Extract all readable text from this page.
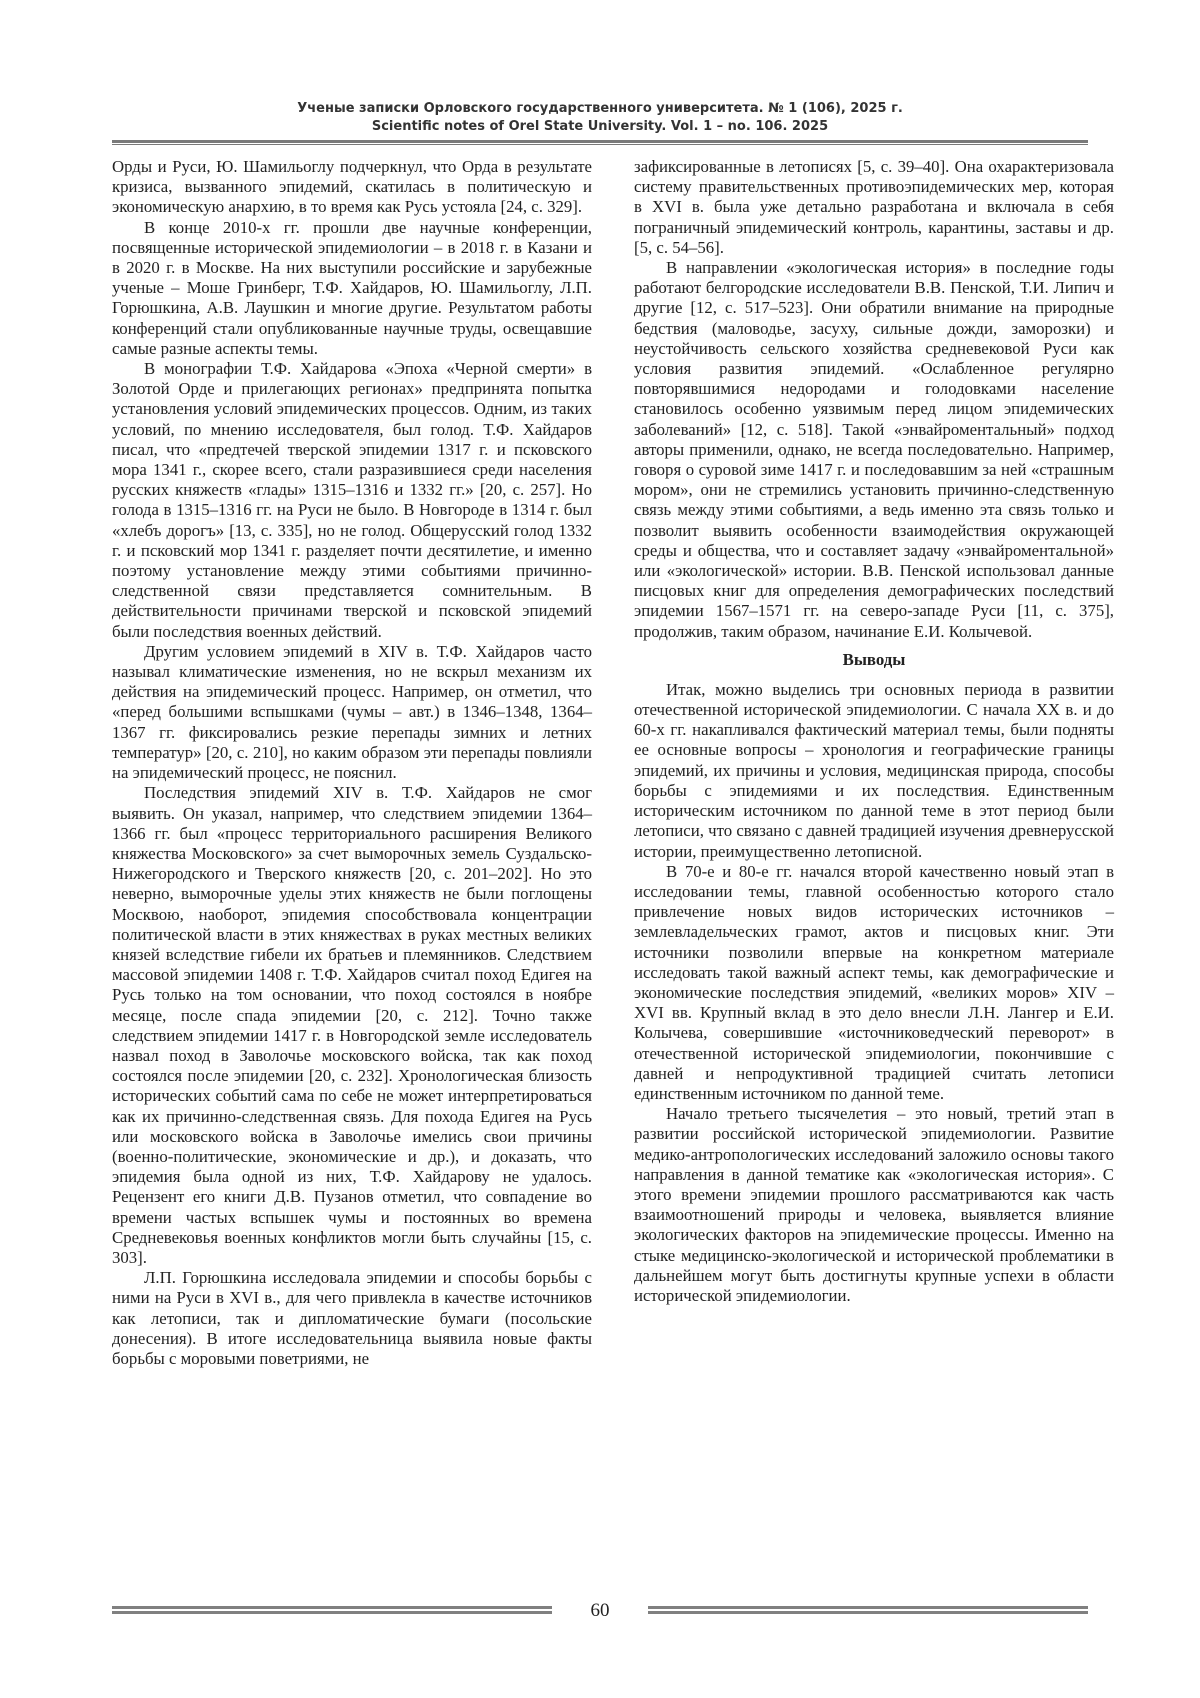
Ученые записки Орловского государственного университета. № 1 (106), 2025 г.
Scientific notes of Orel State University. Vol. 1 – no. 106. 2025

Орды и Руси, Ю. Шамильоглу подчеркнул, что Орда в результате кризиса, вызванного эпидемий, скатилась в политическую и экономическую анархию, в то время как Русь устояла [24, с. 329].

В конце 2010-х гг. прошли две научные конференции, посвященные исторической эпидемиологии – в 2018 г. в Казани и в 2020 г. в Москве. На них выступили российские и зарубежные ученые – Моше Гринберг, Т.Ф. Хайдаров, Ю. Шамильоглу, Л.П. Горюшкина, А.В. Лаушкин и многие другие. Результатом работы конференций стали опубликованные научные труды, освещавшие самые разные аспекты темы.

В монографии Т.Ф. Хайдарова «Эпоха «Черной смерти» в Золотой Орде и прилегающих регионах» предпринята попытка установления условий эпидемических процессов. Одним, из таких условий, по мнению исследователя, был голод. Т.Ф. Хайдаров писал, что «предтечей тверской эпидемии 1317 г. и псковского мора 1341 г., скорее всего, стали разразившиеся среди населения русских княжеств «глады» 1315–1316 и 1332 гг.» [20, с. 257]. Но голода в 1315–1316 гг. на Руси не было. В Новгороде в 1314 г. был «хлебъ дорогъ» [13, с. 335], но не голод. Общерусский голод 1332 г. и псковский мор 1341 г. разделяет почти десятилетие, и именно поэтому установление между этими событиями причинно-следственной связи представляется сомнительным. В действительности причинами тверской и псковской эпидемий были последствия военных действий.

Другим условием эпидемий в XIV в. Т.Ф. Хайдаров часто называл климатические изменения, но не вскрыл механизм их действия на эпидемический процесс. Например, он отметил, что «перед большими вспышками (чумы – авт.) в 1346–1348, 1364–1367 гг. фиксировались резкие перепады зимних и летних температур» [20, с. 210], но каким образом эти перепады повлияли на эпидемический процесс, не пояснил.

Последствия эпидемий XIV в. Т.Ф. Хайдаров не смог выявить. Он указал, например, что следствием эпидемии 1364–1366 гг. был «процесс территориального расширения Великого княжества Московского» за счет выморочных земель Суздальско-Нижегородского и Тверского княжеств [20, с. 201–202]. Но это неверно, выморочные уделы этих княжеств не были поглощены Москвою, наоборот, эпидемия способствовала концентрации политической власти в этих княжествах в руках местных великих князей вследствие гибели их братьев и племянников. Следствием массовой эпидемии 1408 г. Т.Ф. Хайдаров считал поход Едигея на Русь только на том основании, что поход состоялся в ноябре месяце, после спада эпидемии [20, с. 212]. Точно также следствием эпидемии 1417 г. в Новгородской земле исследователь назвал поход в Заволочье московского войска, так как поход состоялся после эпидемии [20, с. 232]. Хронологическая близость исторических событий сама по себе не может интерпретироваться как их причинно-следственная связь. Для похода Едигея на Русь или московского войска в Заволочье имелись свои причины (военно-политические, экономические и др.), и доказать, что эпидемия была одной из них, Т.Ф. Хайдарову не удалось. Рецензент его книги Д.В. Пузанов отметил, что совпадение во времени частых вспышек чумы и постоянных во времена Средневековья военных конфликтов могли быть случайны [15, с. 303].

Л.П. Горюшкина исследовала эпидемии и способы борьбы с ними на Руси в XVI в., для чего привлекла в качестве источников как летописи, так и дипломатические бумаги (посольские донесения). В итоге исследовательница выявила новые факты борьбы с моровыми поветриями, не

зафиксированные в летописях [5, с. 39–40]. Она охарактеризовала систему правительственных противоэпидемических мер, которая в XVI в. была уже детально разработана и включала в себя пограничный эпидемический контроль, карантины, заставы и др. [5, с. 54–56].

В направлении «экологическая история» в последние годы работают белгородские исследователи В.В. Пенской, Т.И. Липич и другие [12, с. 517–523]. Они обратили внимание на природные бедствия (маловодье, засуху, сильные дожди, заморозки) и неустойчивость сельского хозяйства средневековой Руси как условия развития эпидемий. «Ослабленное регулярно повторявшимися недородами и голодовками население становилось особенно уязвимым перед лицом эпидемических заболеваний» [12, с. 518]. Такой «энвайроментальный» подход авторы применили, однако, не всегда последовательно. Например, говоря о суровой зиме 1417 г. и последовавшим за ней «страшным мором», они не стремились установить причинно-следственную связь между этими событиями, а ведь именно эта связь только и позволит выявить особенности взаимодействия окружающей среды и общества, что и составляет задачу «энвайроментальной» или «экологической» истории. В.В. Пенской использовал данные писцовых книг для определения демографических последствий эпидемии 1567–1571 гг. на северо-западе Руси [11, с. 375], продолжив, таким образом, начинание Е.И. Колычевой.

Выводы

Итак, можно выделись три основных периода в развитии отечественной исторической эпидемиологии. С начала XX в. и до 60-х гг. накапливался фактический материал темы, были подняты ее основные вопросы – хронология и географические границы эпидемий, их причины и условия, медицинская природа, способы борьбы с эпидемиями и их последствия. Единственным историческим источником по данной теме в этот период были летописи, что связано с давней традицией изучения древнерусской истории, преимущественно летописной.

В 70-е и 80-е гг. начался второй качественно новый этап в исследовании темы, главной особенностью которого стало привлечение новых видов исторических источников – землевладельческих грамот, актов и писцовых книг. Эти источники позволили впервые на конкретном материале исследовать такой важный аспект темы, как демографические и экономические последствия эпидемий, «великих моров» XIV – XVI вв. Крупный вклад в это дело внесли Л.Н. Лангер и Е.И. Колычева, совершившие «источниковедческий переворот» в отечественной исторической эпидемиологии, покончившие с давней и непродуктивной традицией считать летописи единственным источником по данной теме.

Начало третьего тысячелетия – это новый, третий этап в развитии российской исторической эпидемиологии. Развитие медико-антропологических исследований заложило основы такого направления в данной тематике как «экологическая история». С этого времени эпидемии прошлого рассматриваются как часть взаимоотношений природы и человека, выявляется влияние экологических факторов на эпидемические процессы. Именно на стыке медицинско-экологической и исторической проблематики в дальнейшем могут быть достигнуты крупные успехи в области исторической эпидемиологии.

60
